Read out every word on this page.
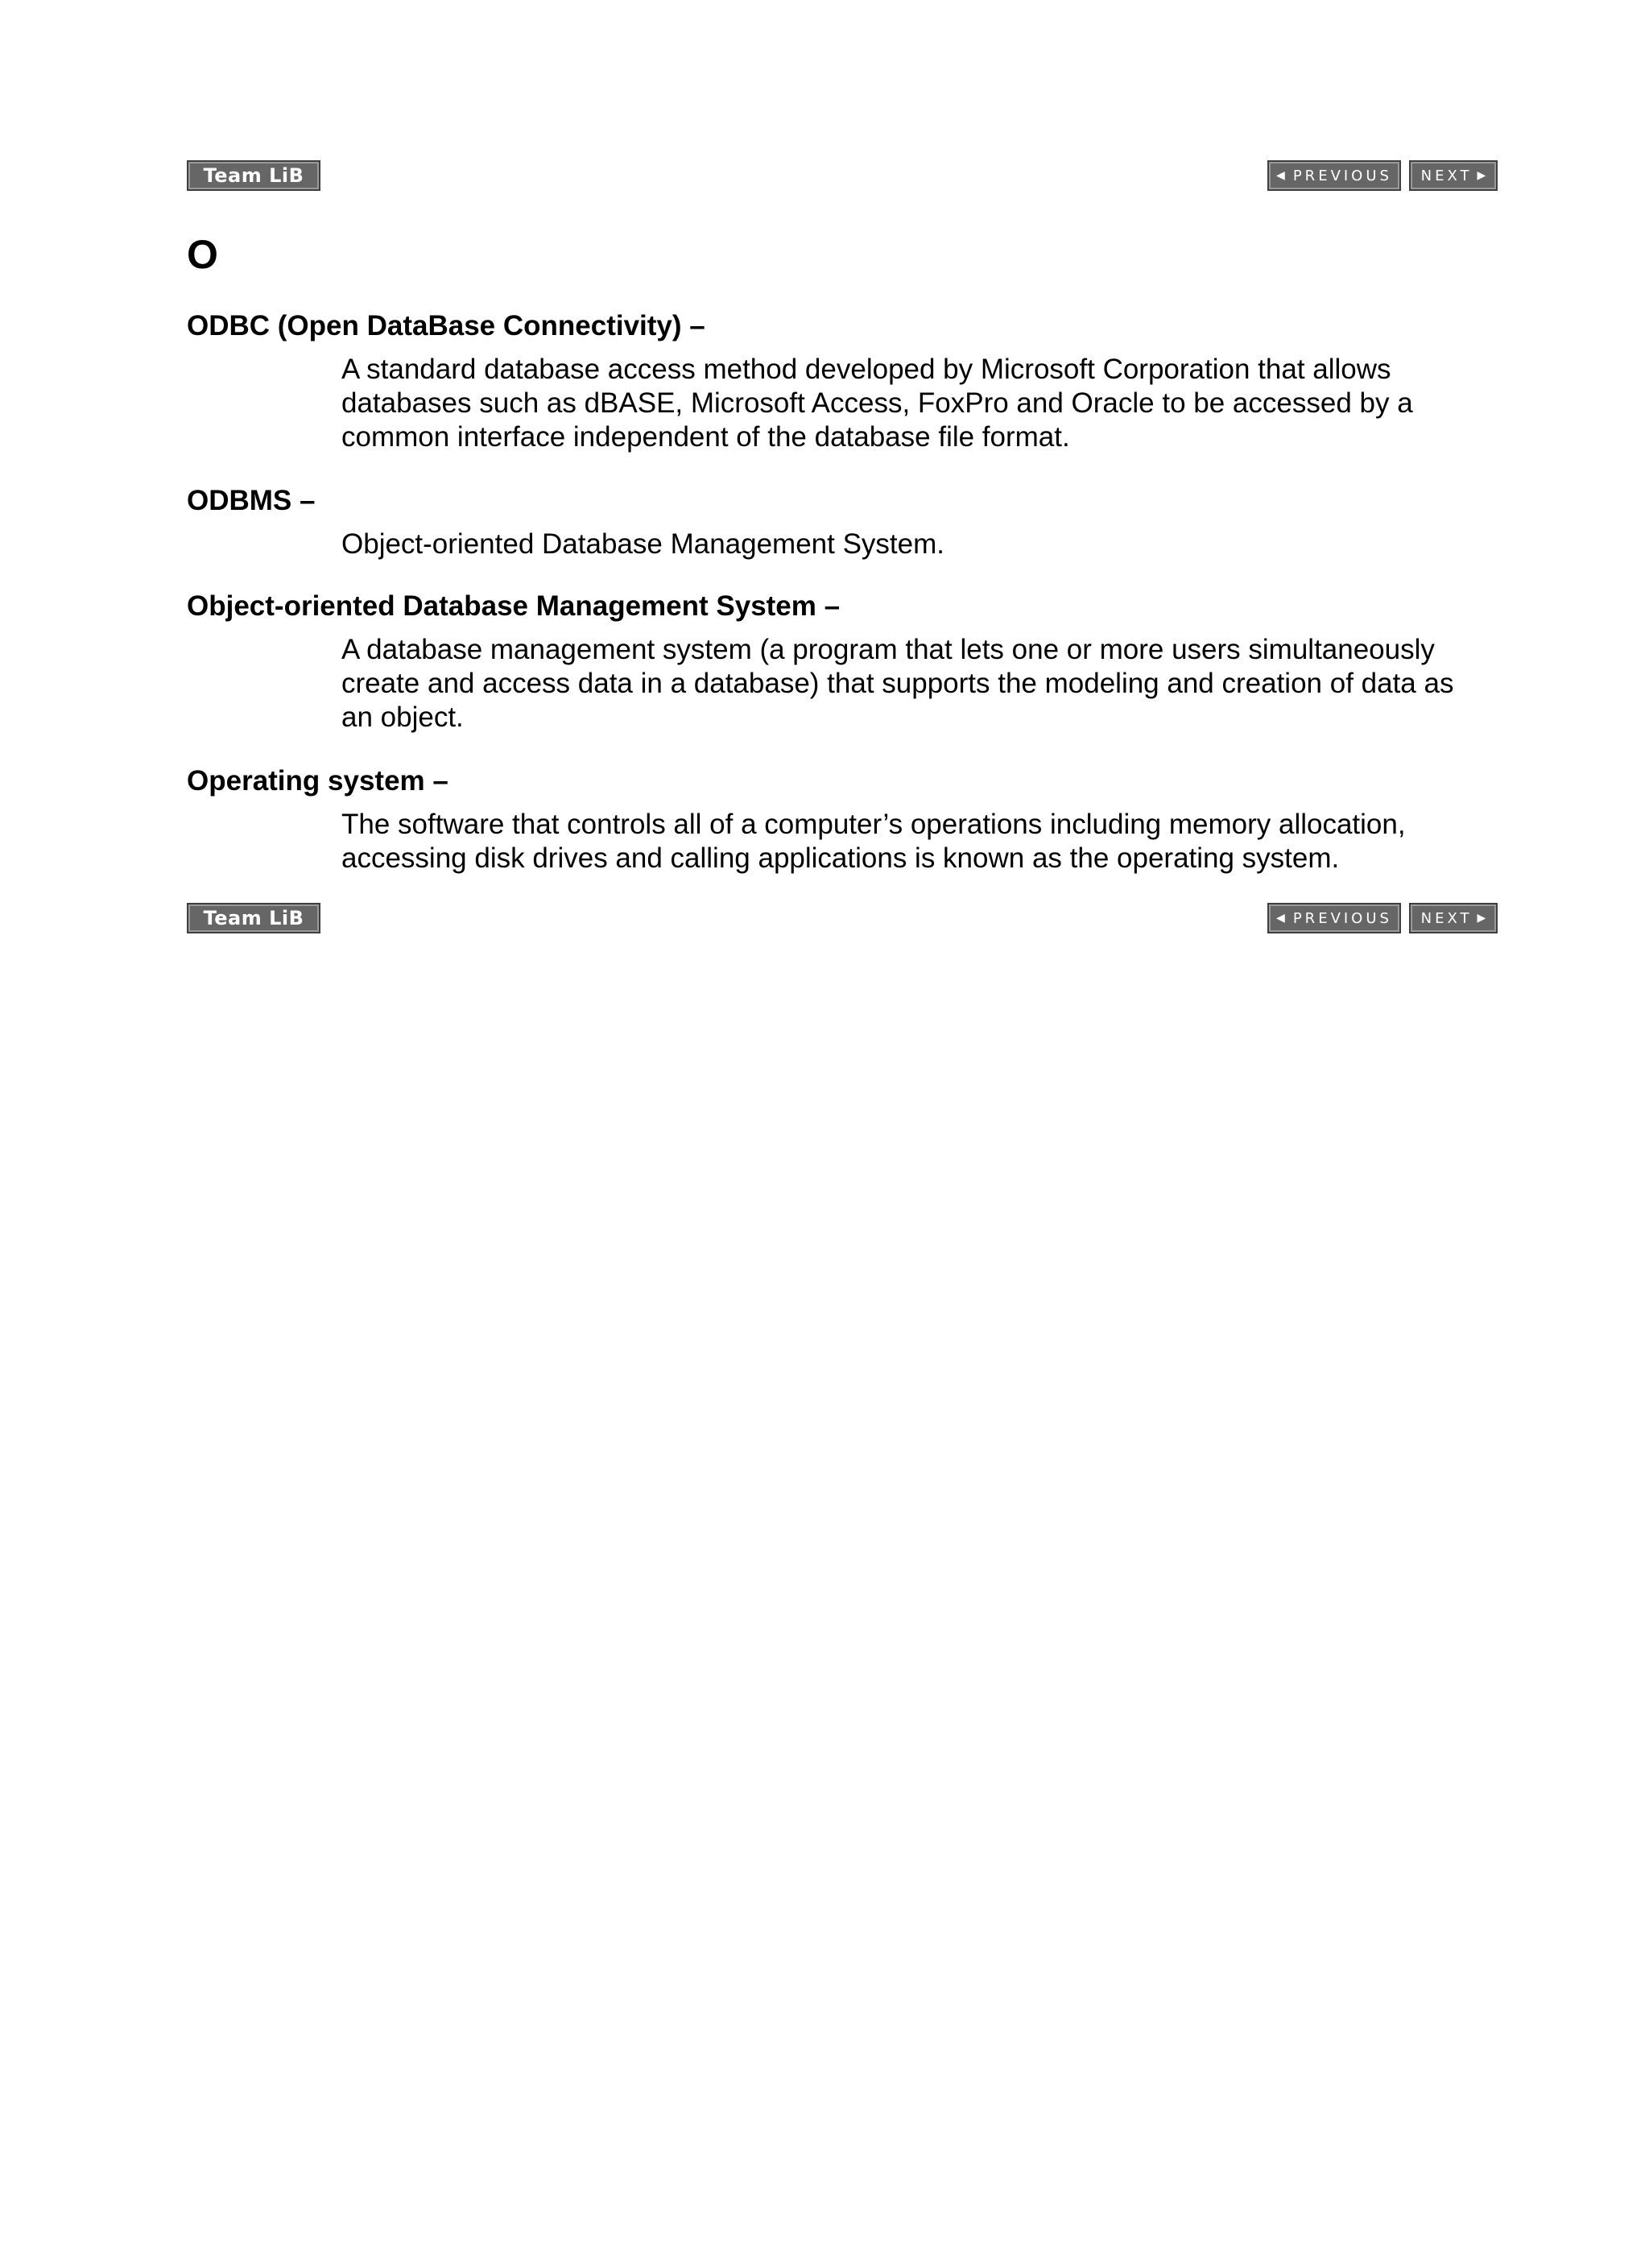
Team LiB	◀ PREVIOUS NEXT ▶
O
ODBC (Open DataBase Connectivity) –
A standard database access method developed by Microsoft Corporation that allows databases such as dBASE, Microsoft Access, FoxPro and Oracle to be accessed by a common interface independent of the database file format.
ODBMS –
Object-oriented Database Management System.
Object-oriented Database Management System –
A database management system (a program that lets one or more users simultaneously create and access data in a database) that supports the modeling and creation of data as an object.
Operating system –
The software that controls all of a computer’s operations including memory allocation, accessing disk drives and calling applications is known as the operating system.
Team LiB	◀ PREVIOUS NEXT ▶
